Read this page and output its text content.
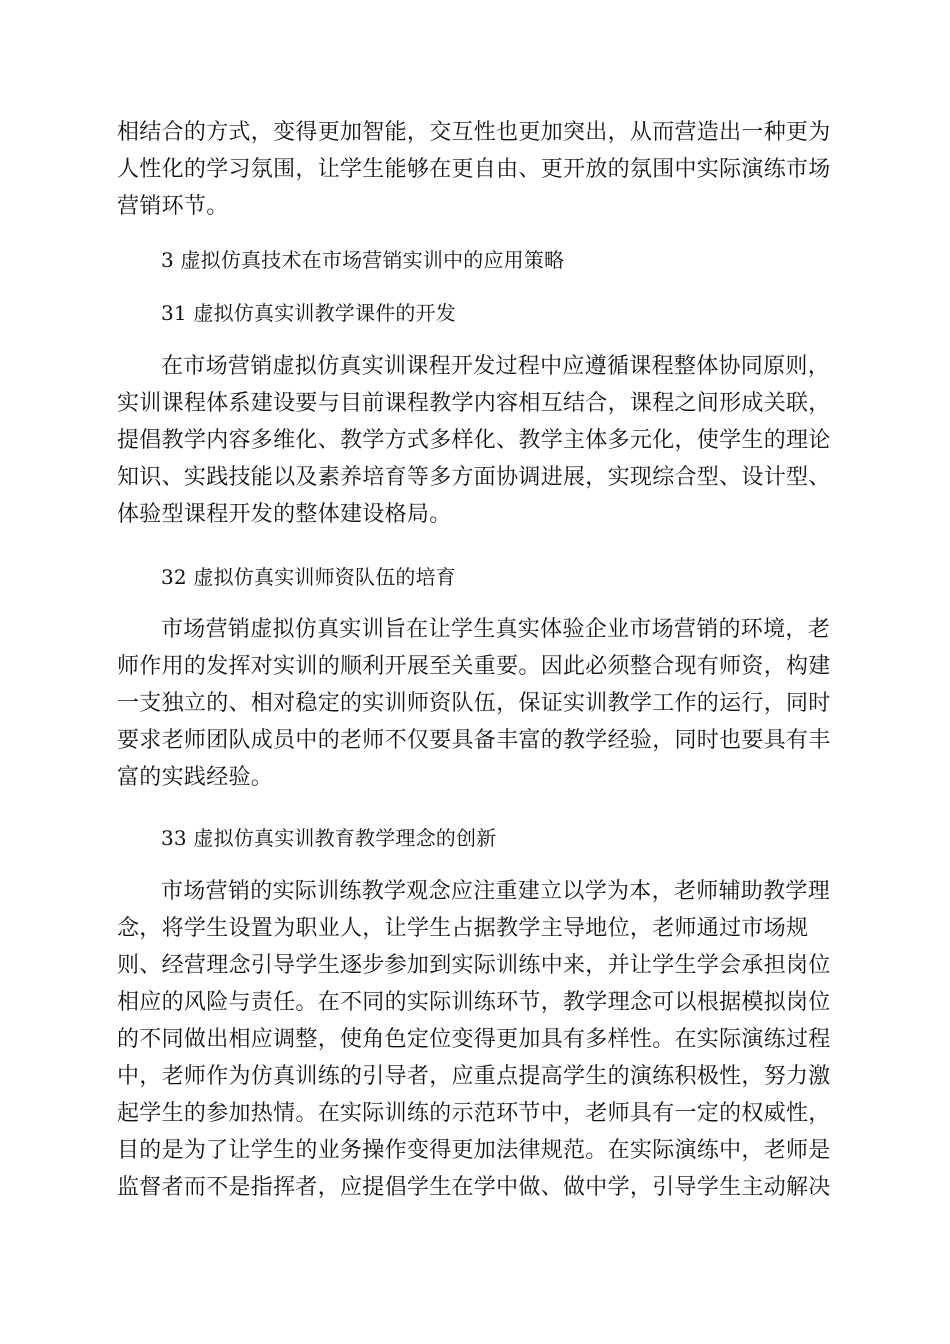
相结合的方式，变得更加智能，交互性也更加突出，从而营造出一种更为
人性化的学习氛围，让学生能够在更自由、更开放的氛围中实际演练市场
营销环节。
3 虚拟仿真技术在市场营销实训中的应用策略
31 虚拟仿真实训教学课件的开发
在市场营销虚拟仿真实训课程开发过程中应遵循课程整体协同原则，
实训课程体系建设要与目前课程教学内容相互结合，课程之间形成关联，
提倡教学内容多维化、教学方式多样化、教学主体多元化，使学生的理论
知识、实践技能以及素养培育等多方面协调进展，实现综合型、设计型、
体验型课程开发的整体建设格局。
32 虚拟仿真实训师资队伍的培育
市场营销虚拟仿真实训旨在让学生真实体验企业市场营销的环境，老
师作用的发挥对实训的顺利开展至关重要。因此必须整合现有师资，构建
一支独立的、相对稳定的实训师资队伍，保证实训教学工作的运行，同时
要求老师团队成员中的老师不仅要具备丰富的教学经验，同时也要具有丰
富的实践经验。
33 虚拟仿真实训教育教学理念的创新
市场营销的实际训练教学观念应注重建立以学为本，老师辅助教学理
念，将学生设置为职业人，让学生占据教学主导地位，老师通过市场规
则、经营理念引导学生逐步参加到实际训练中来，并让学生学会承担岗位
相应的风险与责任。在不同的实际训练环节，教学理念可以根据模拟岗位
的不同做出相应调整，使角色定位变得更加具有多样性。在实际演练过程
中，老师作为仿真训练的引导者，应重点提高学生的演练积极性，努力激
起学生的参加热情。在实际训练的示范环节中，老师具有一定的权威性，
目的是为了让学生的业务操作变得更加法律规范。在实际演练中，老师是
监督者而不是指挥者，应提倡学生在学中做、做中学，引导学生主动解决
